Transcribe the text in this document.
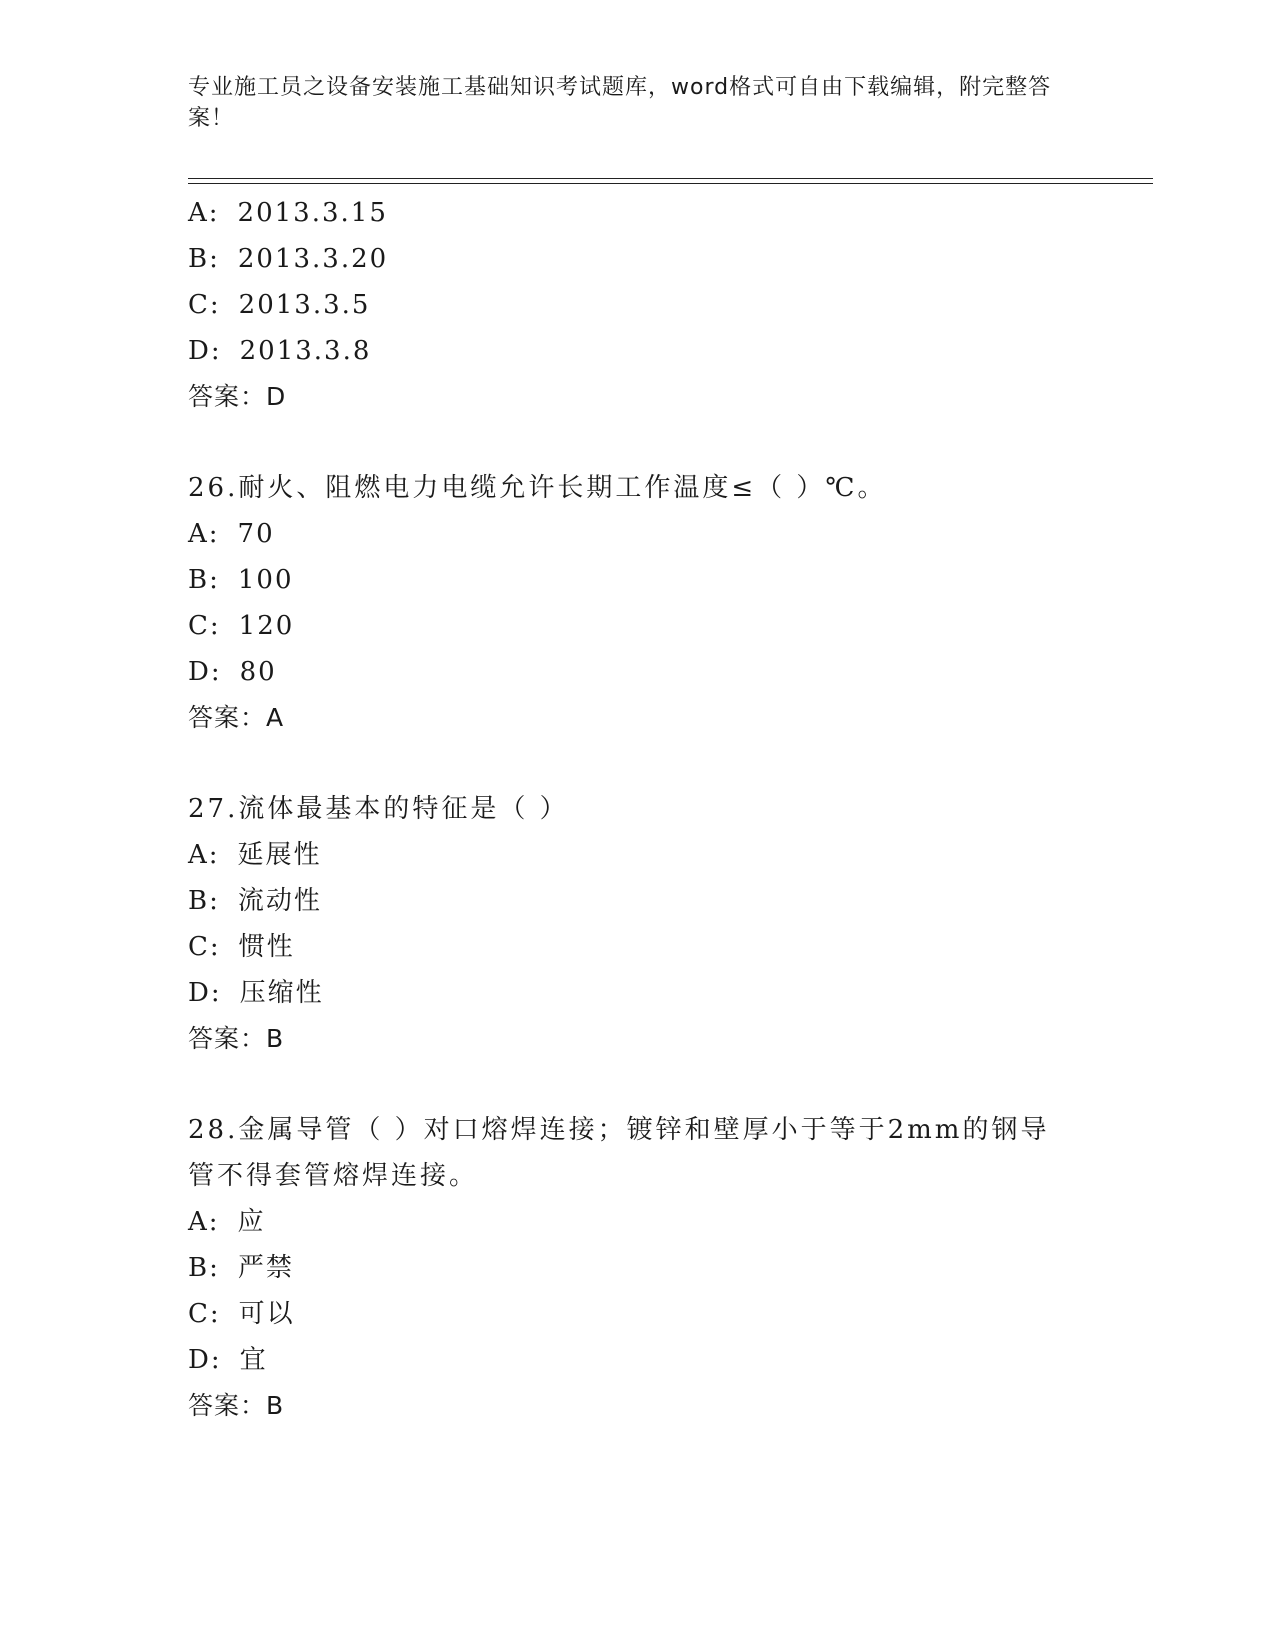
专业施工员之设备安装施工基础知识考试题库，word格式可自由下载编辑，附完整答案！
A: 2013.3.15
B: 2013.3.20
C: 2013.3.5
D: 2013.3.8
答案：D
26.耐火、阻燃电力电缆允许长期工作温度≤（ ）℃。
A: 70
B: 100
C: 120
D: 80
答案：A
27.流体最基本的特征是（ ）
A: 延展性
B: 流动性
C: 惯性
D: 压缩性
答案：B
28.金属导管（ ）对口熔焊连接；镀锌和壁厚小于等于2mm的钢导管不得套管熔焊连接。
A: 应
B: 严禁
C: 可以
D: 宜
答案：B
